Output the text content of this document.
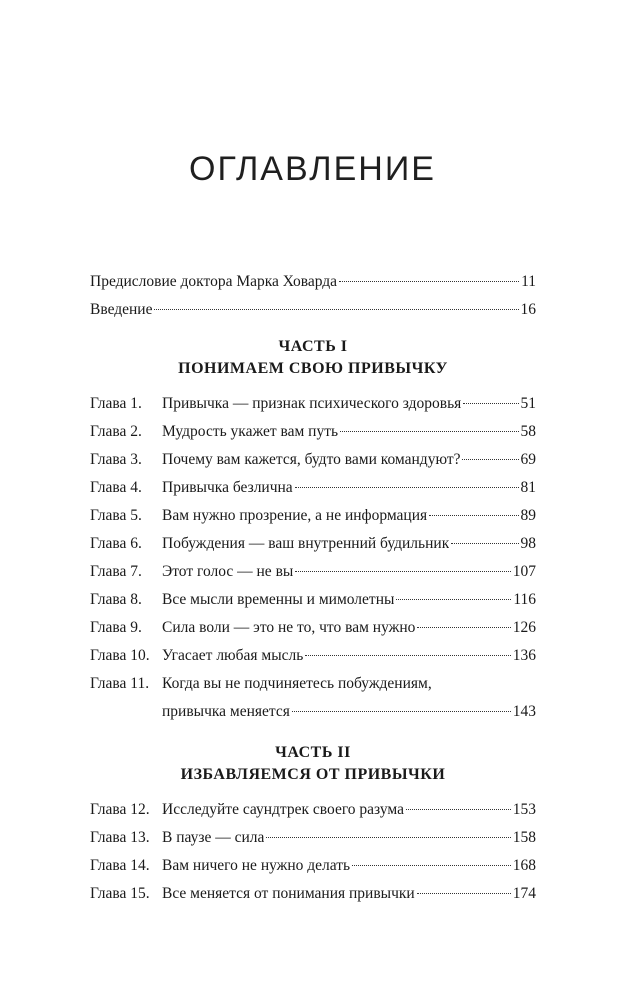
ОГЛАВЛЕНИЕ
Предисловие доктора Марка Ховарда	11
Введение	16
ЧАСТЬ I
ПОНИМАЕМ СВОЮ ПРИВЫЧКУ
Глава 1.	Привычка — признак психического здоровья	51
Глава 2.	Мудрость укажет вам путь	58
Глава 3.	Почему вам кажется, будто вами командуют?	69
Глава 4.	Привычка безлична	81
Глава 5.	Вам нужно прозрение, а не информация	89
Глава 6.	Побуждения — ваш внутренний будильник	98
Глава 7.	Этот голос — не вы	107
Глава 8.	Все мысли временны и мимолетны	116
Глава 9.	Сила воли — это не то, что вам нужно	126
Глава 10. Угасает любая мысль	136
Глава 11. Когда вы не подчиняетесь побуждениям,
привычка меняется	143
ЧАСТЬ II
ИЗБАВЛЯЕМСЯ ОТ ПРИВЫЧКИ
Глава 12. Исследуйте саундтрек своего разума	153
Глава 13. В паузе — сила	158
Глава 14. Вам ничего не нужно делать	168
Глава 15. Все меняется от понимания привычки	174
